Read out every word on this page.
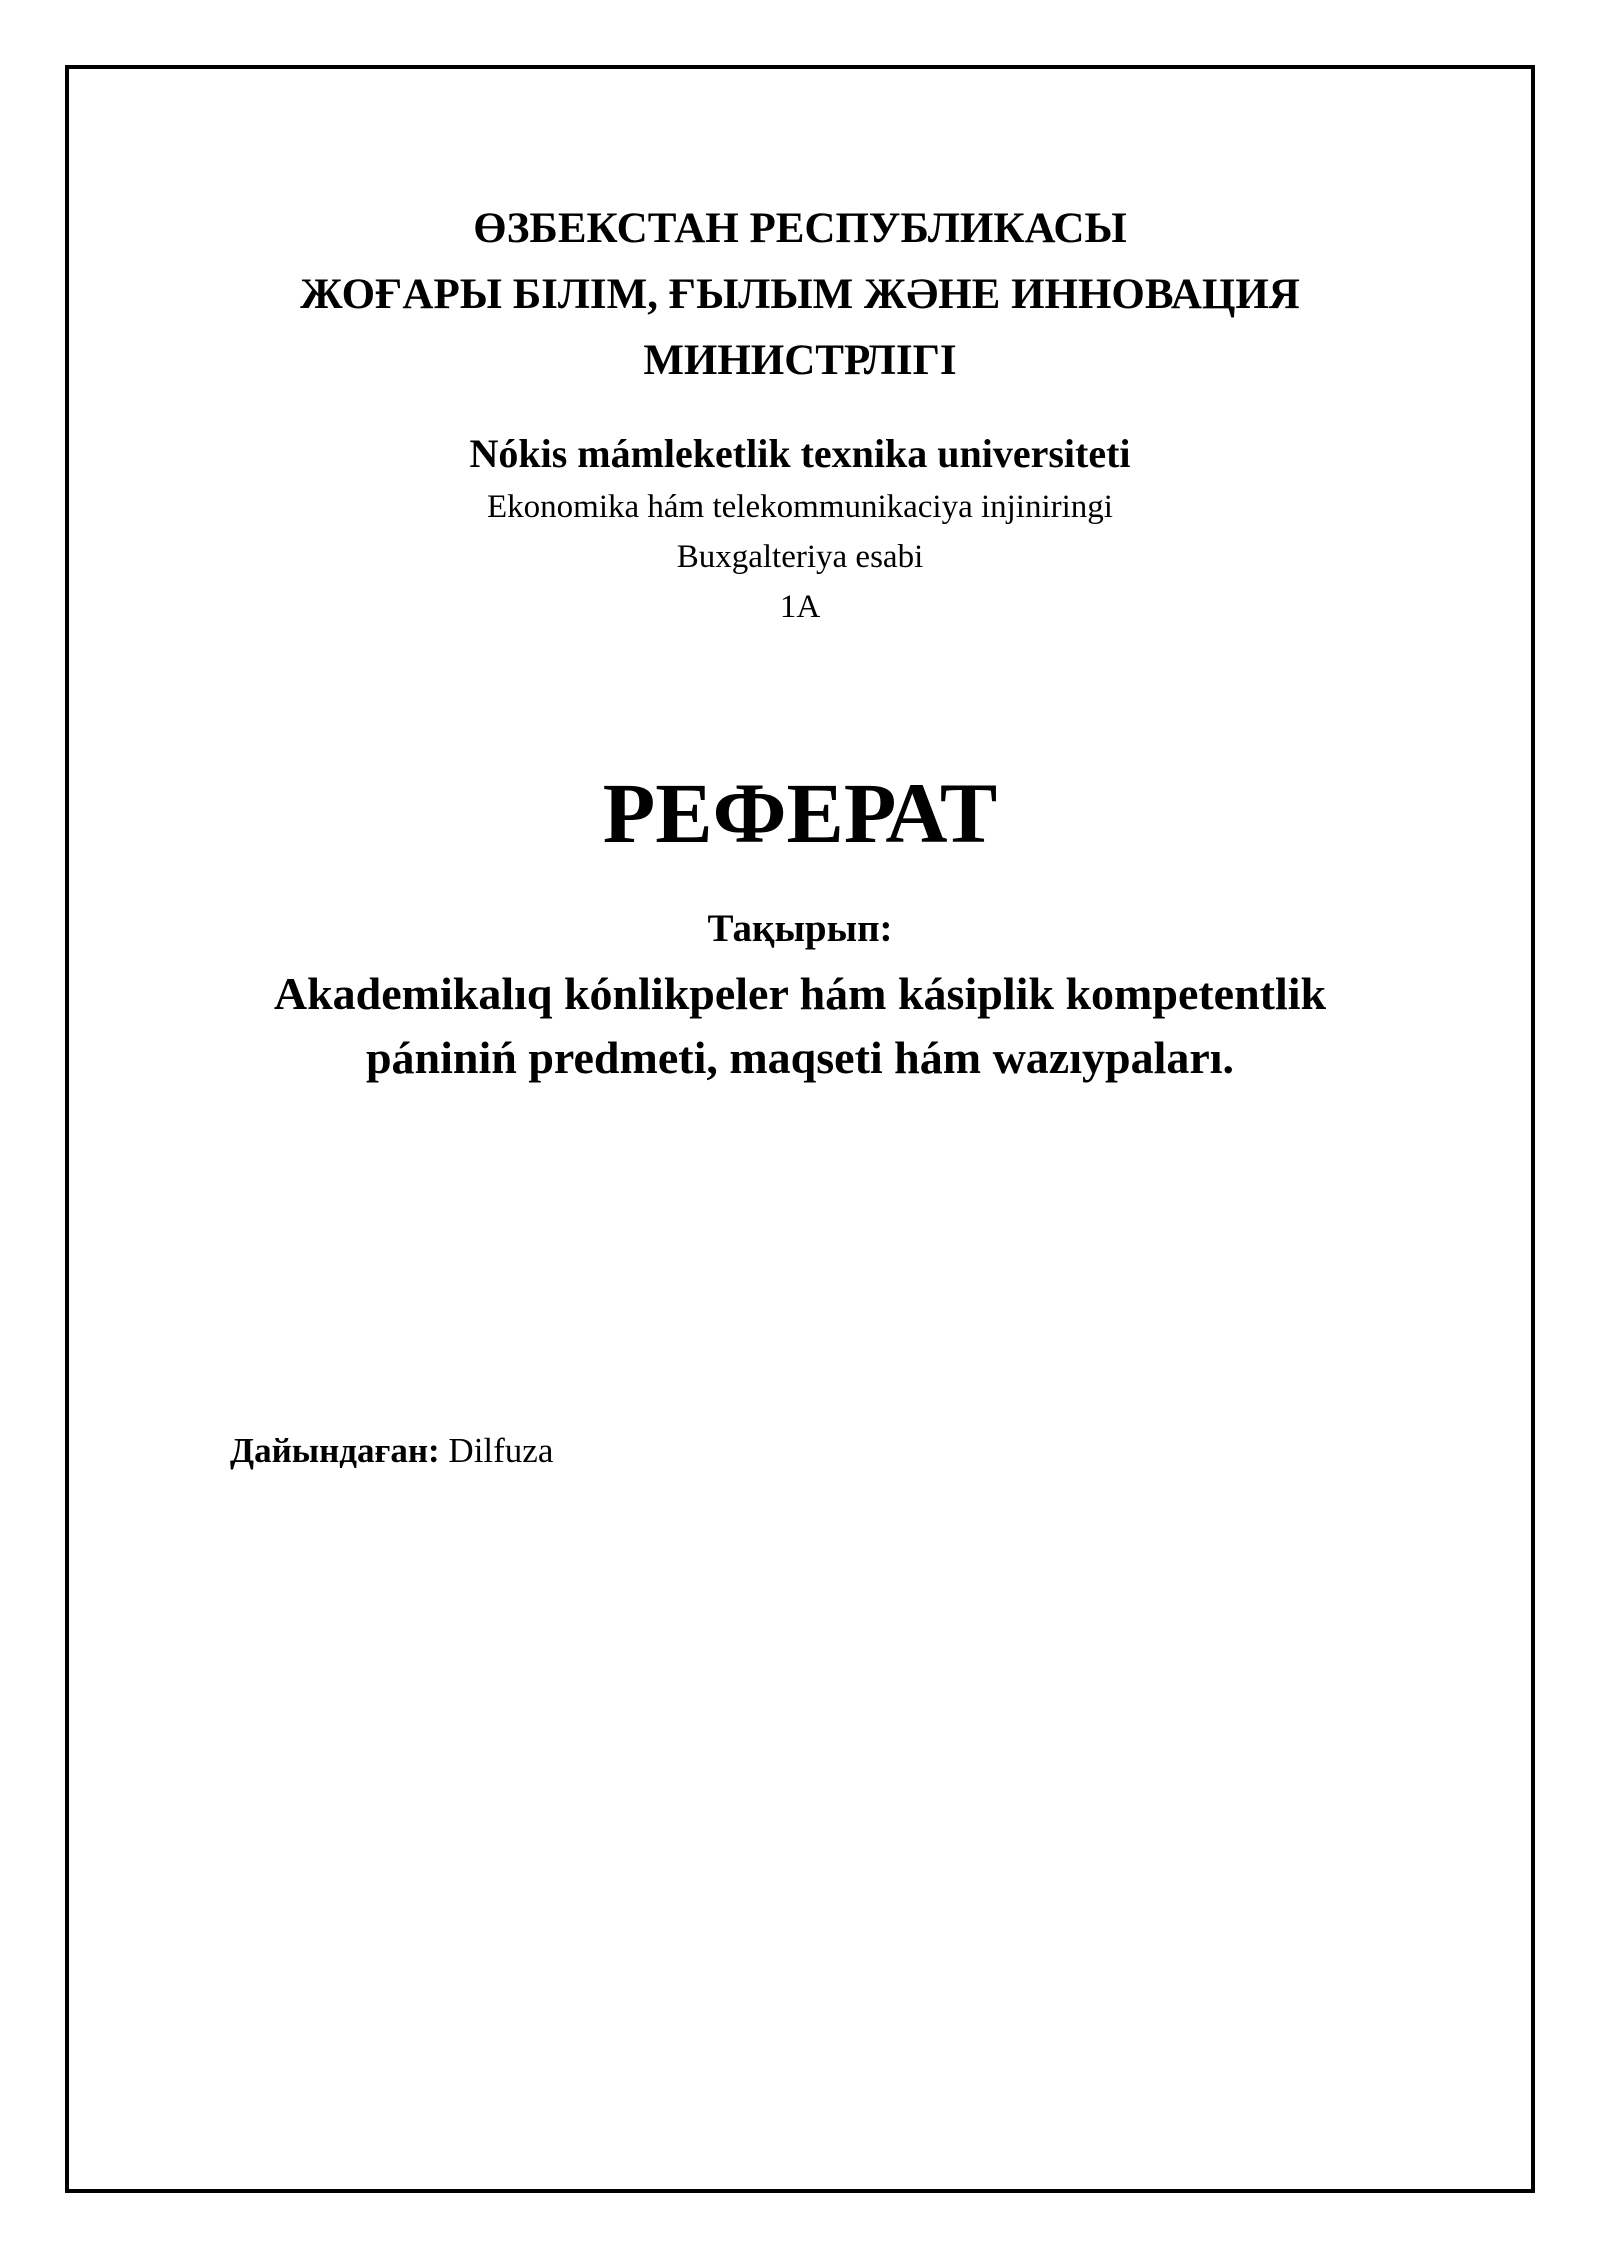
ӨЗБЕКСТАН РЕСПУБЛИКАСЫ
ЖОҒАРЫ БІЛІМ, ҒЫЛЫМ ЖӘНЕ ИННОВАЦИЯ
МИНИСТРЛІГІ
Nókis mámleketlik texnika universiteti
Ekonomika hám telekommunikaciya injiniringi
Buxgalteriya esabi
1A
РЕФЕРАТ
Тақырып:
Akademikalıq kónlikpeler hám kásiplik kompetentlik
pániniń predmeti, maqseti hám wazıypaları.
Дайындаған: Dilfuza
